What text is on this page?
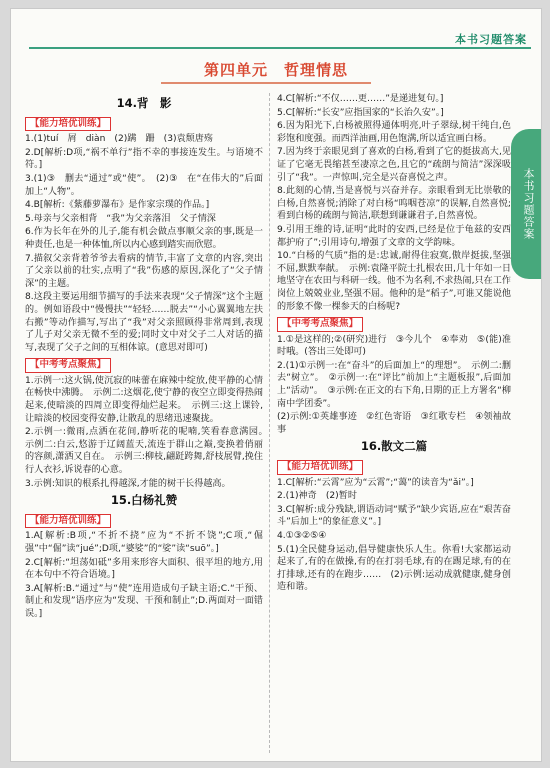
本书习题答案
第四单元　哲理情思
本书习题答案
14.背　影
【能力培优训练】
1.(1)tuí　屑　diàn　(2)蹒　跚　(3)袁颓唐殇
2.D[解析:D项,“祸不单行”指不幸的事接连发生。与语境不符。]
3.(1)③　删去“通过”或“使”。　(2)③　在“在伟大的”后面加上“人物”。
4.B[解析:《紫藤萝瀑布》是作家宗璞的作品。]
5.母亲与父亲相背　“我”为父亲落泪　父子情深
6.作为长年在外的儿子,能有机会做点事顺父亲的事,既是一种责任,也是一种体恤,所以内心感到踏实而欣慰。
7.描叙父亲背着爷爷去看病的情节,丰富了文章的内容,突出了父亲以前的壮实,点明了“我”伤感的原因,深化了“父子情深”的主题。
8.这段主要运用细节描写的手法来表现“父子情深”这个主题的。例如语段中“慢慢扶”“轻轻……脱去”“小心翼翼地左扶右搬”等动作描写,写出了“我”对父亲照顾得非常周到,表现了儿子对父亲无微不至的爱;同时文中对父子二人对话的描写,表现了父子之间的互相体谅。(意思对即可)
【中考考点聚焦】
1.示例一:这火锅,使沉寂的味蕾在麻辣中绽放,使平静的心情在畅快中沸腾。　示例二:这烟花,使宁静的夜空立即变得热闹起来,使暗淡的四周立即变得灿烂起来。　示例三:这上课铃,让暗淡的校园变得安静,让散乱的思绪迅速聚拢。
2.示例一:微雨,点洒在花间,静听花的呢喃,笑看春意满园。　示例二:白云,悠游于辽阔蓝天,流连于群山之巅,变换着俏丽的容颜,潇洒又自在。　示例三:柳枝,翩跹跨舞,舒枝展臂,挽住行人衣衫,诉说春的心意。
3.示例:知识的根系扎得越深,才能的树干长得越高。
15.白杨礼赞
【能力培优训练】
1.A[解析:B项,“不折不挠”应为“不折不饶”;C项,“倔强”中“倔”读“jué”;D项,“婆娑”的“娑”读“suō”。]
2.C[解析:“坦荡如砥”多用来形容大面积、很平坦的地方,用在本句中不符合语境。]
3.A[解析:B.“通过”与“使”连用造成句子缺主语;C.“干预、制止和发现”语序应为“发现、干预和制止”;D.两面对一面错误。]
4.C[解析:“不仅……更……”是递进复句。]
5.C[解析:“长安”应指国家的“长治久安”。]
6.因为阳光下,白杨被照得通体明亮,叶子翠绿,树干纯白,色彩饱和度强。而西洋油画,用色饱满,所以适宜画白杨。
7.因为终于亲眼见到了喜欢的白杨,看到了它的挺拔高大,见证了它毫无畏缩甚至凄凉之色,且它的“疏朗与简洁”深深吸引了“我”。一声惊叫,完全是兴奋喜悦之声。
8.此刻的心情,当是喜悦与兴奋并存。亲眼看到无比崇敬的白杨,自然喜悦;消除了对白杨“呜咽苍凉”的误解,自然喜悦;看到白杨的疏朗与简洁,联想到谦谦君子,自然喜悦。
9.引用王维的诗,证明“此时的安西,已经是位于龟兹的安西都护府了”;引用诗句,增强了文章的文学韵味。
10.“白杨的气质”指的是:忠诚,耐得住寂寞,傲岸挺拔,坚强不屈,默默奉献。　示例:袁隆平院士扎根农田,几十年如一日地坚守在农田与科研一线。他不为名利,不求热闹,只在工作岗位上兢兢业业,坚强不屈。他种的是“稻子”,可谁又能说他的形象不像一棵参天的白杨呢?
【中考考点聚焦】
1.①是这样的;②(研究)进行　③今儿个　④奉劝　⑤(能)准时哦。(答出三处即可)
2.(1)①示例一:在“奋斗”的后面加上“的理想”。　示例二:删去“树立”。　②示例一:在“评比”前加上“主题板报”,后面加上“活动”。　③示例:在正文的右下角,日期的正上方署名“柳南中学团委”。
(2)示例:①英雄事迹　②红色寄语　③红歌专栏　④领袖故事
16.散文二篇
【能力培优训练】
1.C[解析:“云霄”应为“云霄”;“蔼”的读音为“ǎi”。]
2.(1)神奇　(2)暂时
3.C[解析:成分残缺,谓语动词“赋予”缺少宾语,应在“艰苦奋斗”后加上“的象征意义”。]
4.①③②⑤④
5.(1)全民健身运动,倡导健康快乐人生。你看!大家都运动起来了,有的在做操,有的在打羽毛球,有的在踢足球,有的在打排球,还有的在跑步……　(2)示例:运动成就健康,健身创造和谐。
